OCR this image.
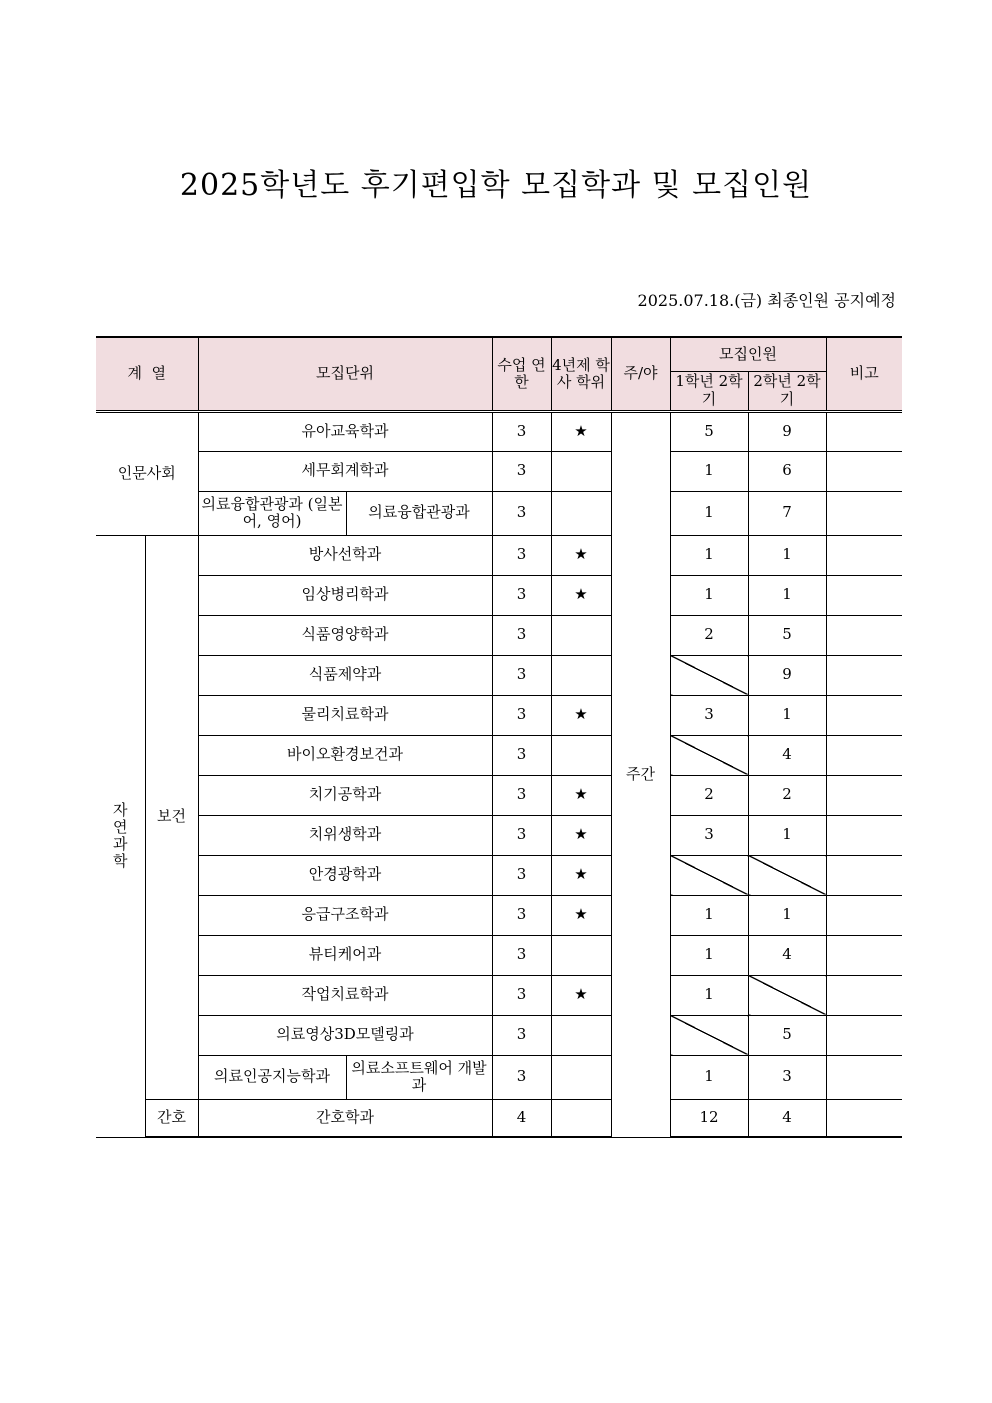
2025학년도 후기편입학 모집학과 및 모집인원
2025.07.18.(금) 최종인원 공지예정
계  열		모집단위		수업 연한	4년제 학사 학위	주/야	모집인원		비고
							1학년 2학기	2학년 2학기	
인문사회		유아교육학과		3	★	주간	5	9	
		세무회계학과		3			1	6	
		의료융합관광과 (일본어, 영어)	의료융합관광과	3			1	7	
자 연 과 학	보건	방사선학과		3	★		1	1	
		임상병리학과		3	★		1	1	
		식품영양학과		3			2	5	
		식품제약과		3				9	
		물리치료학과		3	★		3	1	
		바이오환경보건과		3				4	
		치기공학과		3	★		2	2	
		치위생학과		3	★		3	1	
		안경광학과		3	★				
		응급구조학과		3	★		1	1	
		뷰티케어과		3			1	4	
		작업치료학과		3	★		1		
		의료영상3D모델링과		3				5	
		의료인공지능학과	의료소프트웨어 개발과	3			1	3	
	간호	간호학과		4			12	4	
